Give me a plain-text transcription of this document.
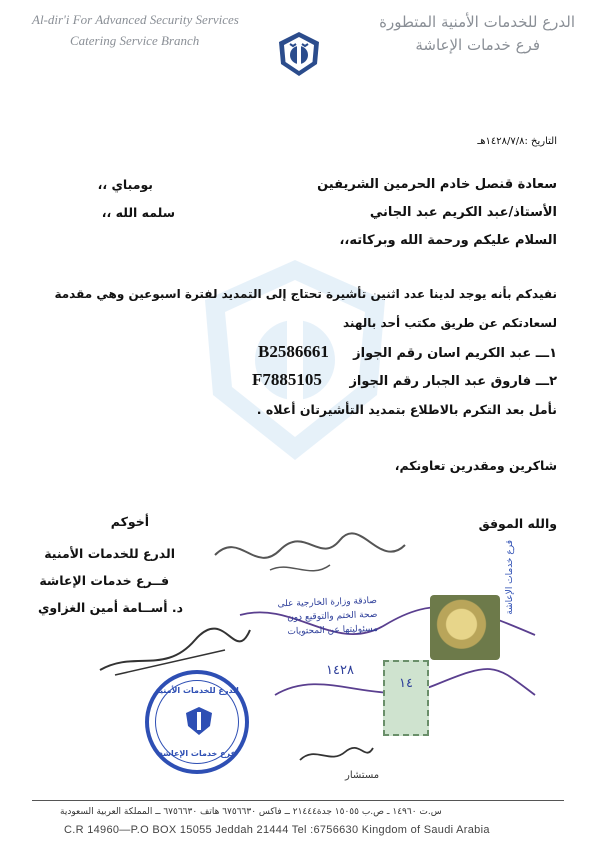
Al-dir'i For Advanced Security Services
Catering Service Branch
الدرع للخدمات الأمنية المتطورة
فرع خدمات الإعاشة
التاريخ :١٤٢٨/٧/٨هـ
سعادة قنصل خادم الحرمين الشريفين
بومباي ،،
الأستاذ/عبد الكريم عبد الجاني
سلمه الله ،،
السلام عليكم ورحمة الله وبركاته،،
نفيدكم بأنه يوجد لدينا عدد اثنين تأشيرة تحتاج إلى التمديد لفترة اسبوعين وهي مقدمة
لسعادتكم عن طريق مكتب أحد بالهند
١ـــ عبد الكريم اسان رقم الجواز
B2586661
٢ـــ فاروق عبد الجبار رقم الجواز
F7885105
نأمل بعد التكرم بالاطلاع بتمديد التأشيرتان أعلاه .
شاكرين ومقدرين تعاونكم،
والله الموفق
أخوكم
الدرع للخدمات الأمنية
فــرع خدمات الإعاشة
د. أســامة أمين الغزاوي	صادقة وزارة الخارجية على صحة الختم والتوقيع دون مسئوليتها عن المحتويات
١٤٢٨
١٤
الدرع للخدمات الأمنية
فرع خدمات الإعاشة
قرع خدمات الإعاشة
مستشار
س.ت ١٤٩٦٠ ـ ص.ب ١٥٠٥٥ جدة٢١٤٤٤ ــ فاكس ٦٧٥٦٦٣٠ هاتف ٦٧٥٦٦٣٠ ــ المملكة العربية السعودية
C.R 14960—P.O BOX 15055 Jeddah 21444 Tel :6756630 Kingdom of Saudi Arabia
